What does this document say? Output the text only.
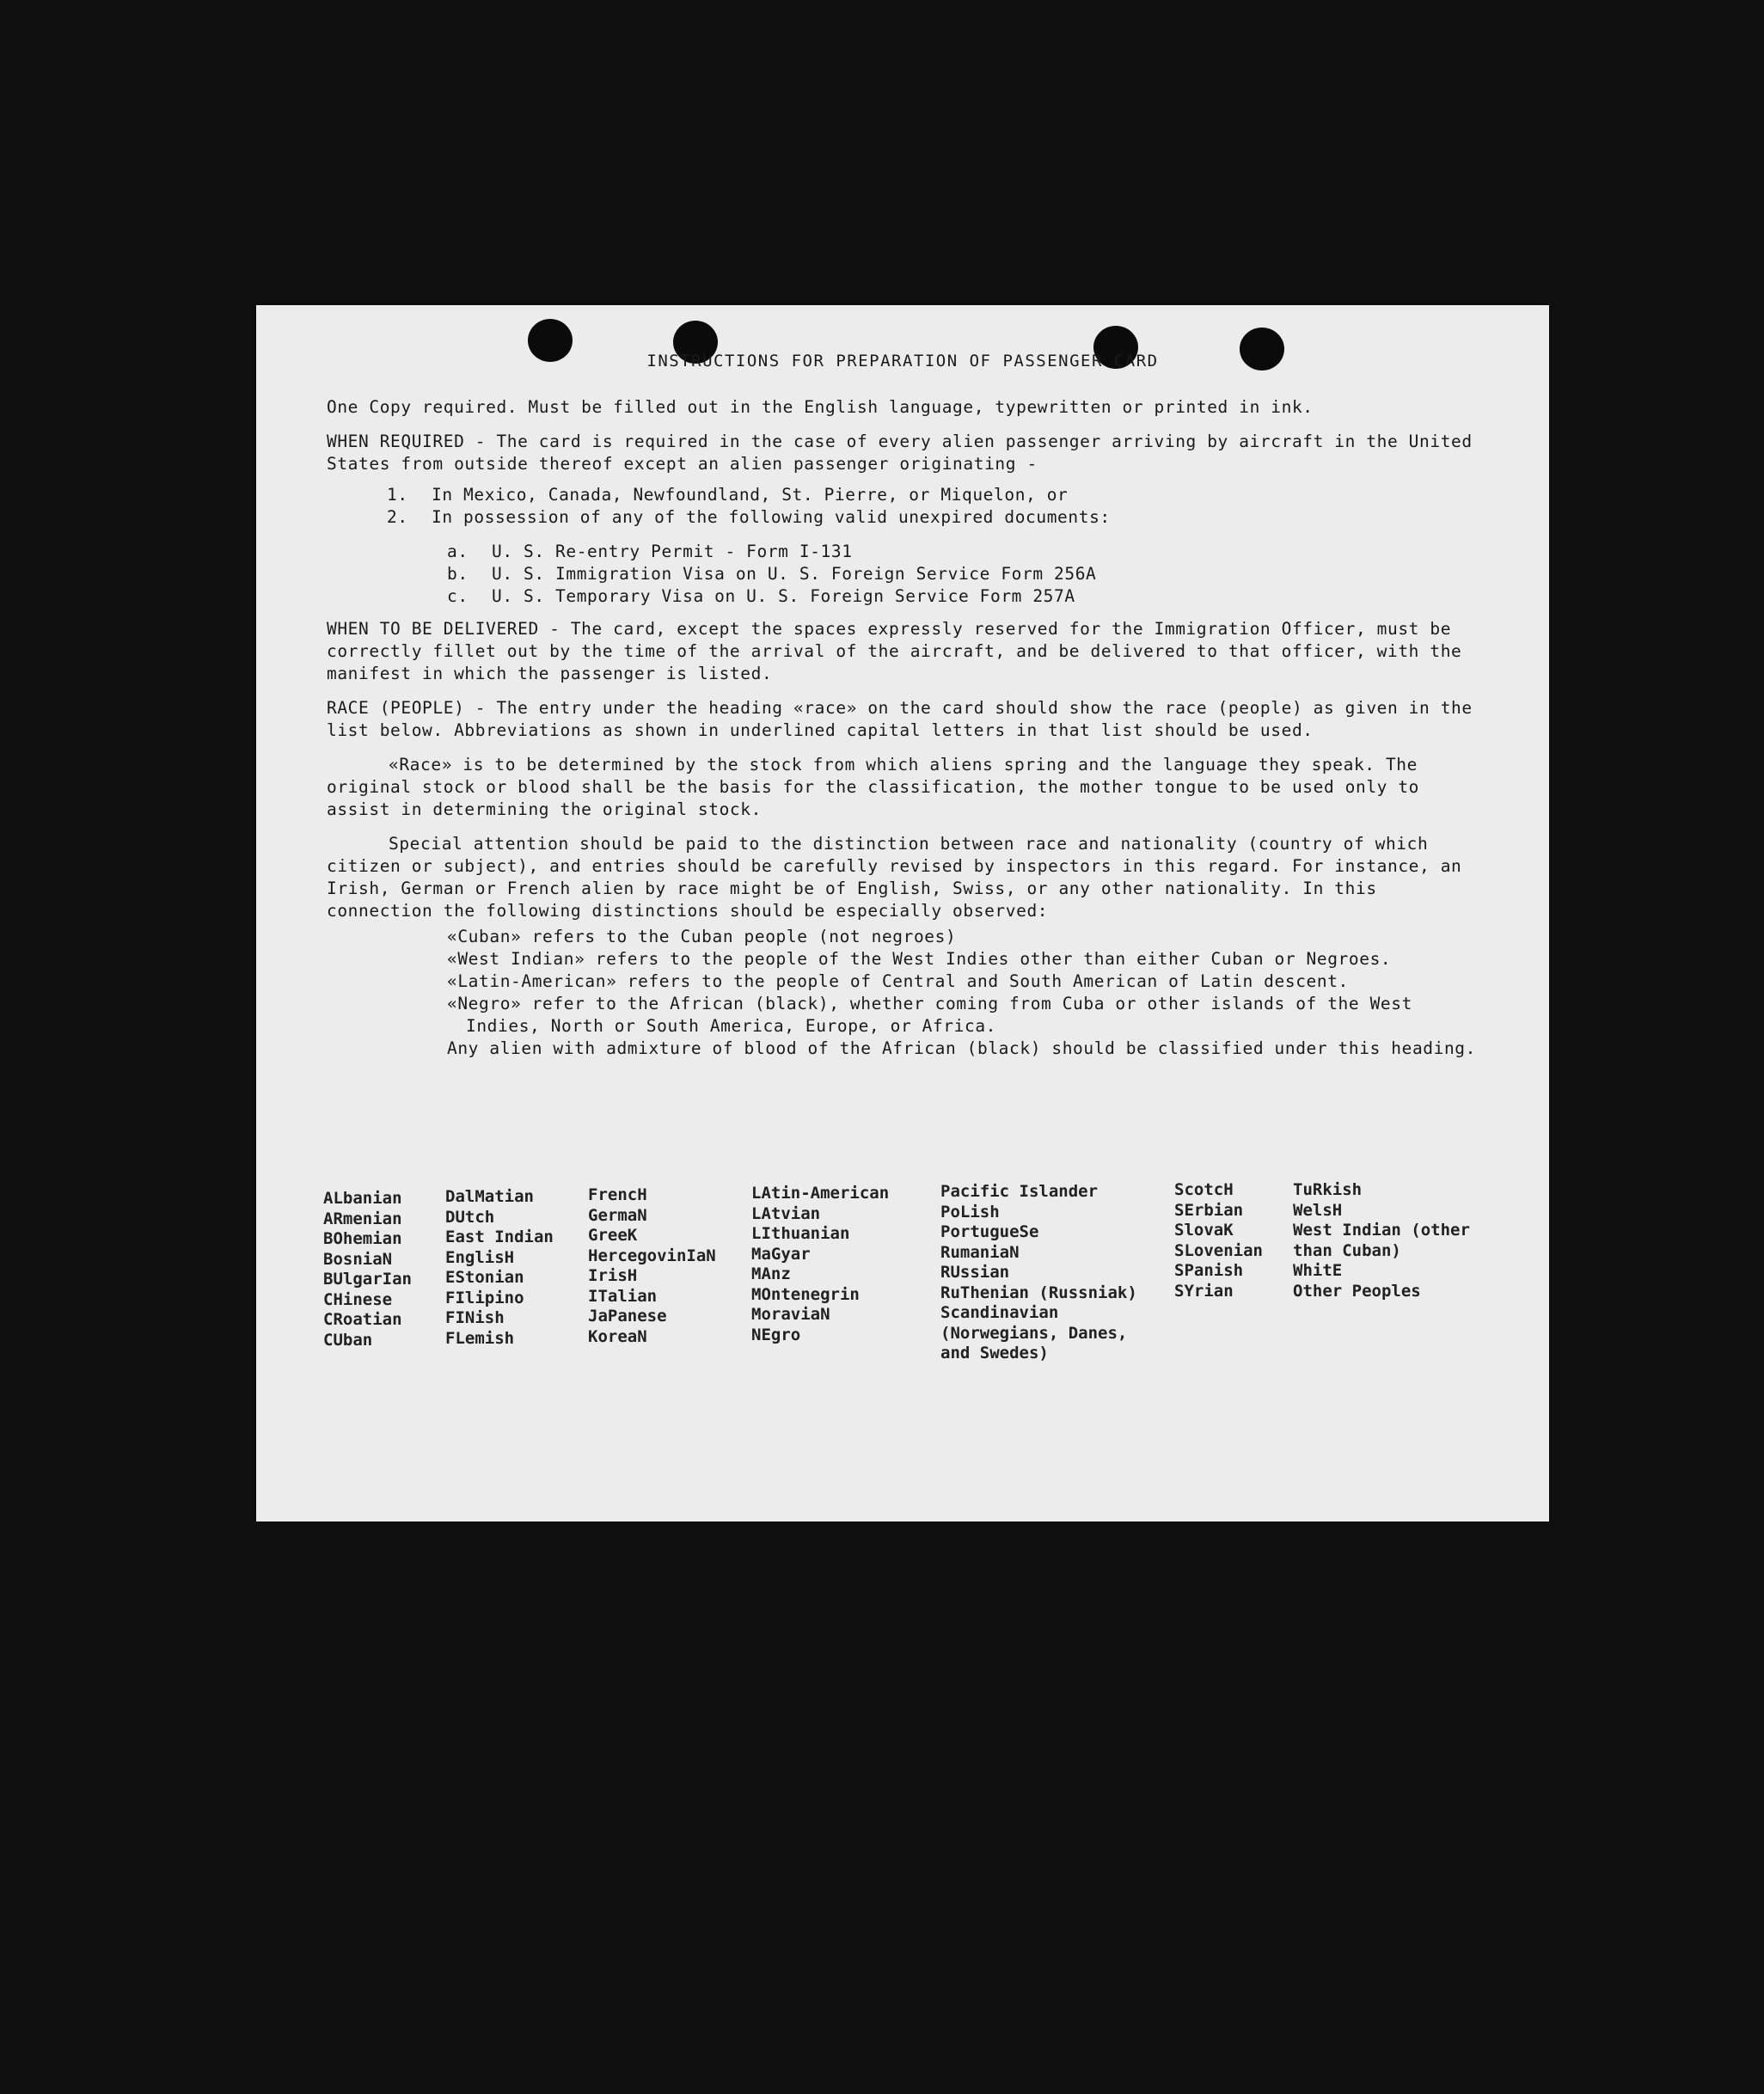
INSTRUCTIONS FOR PREPARATION OF PASSENGER CARD

One Copy required. Must be filled out in the English language, typewritten or printed in ink.

WHEN REQUIRED - The card is required in the case of every alien passenger arriving by aircraft in the United States from outside thereof except an alien passenger originating -

1. In Mexico, Canada, Newfoundland, St. Pierre, or Miquelon, or
2. In possession of any of the following valid unexpired documents:
a. U. S. Re-entry Permit - Form I-131
b. U. S. Immigration Visa on U. S. Foreign Service Form 256A
c. U. S. Temporary Visa on U. S. Foreign Service Form 257A

WHEN TO BE DELIVERED - The card, except the spaces expressly reserved for the Immigration Officer, must be correctly fillet out by the time of the arrival of the aircraft, and be delivered to that officer, with the manifest in which the passenger is listed.

RACE (PEOPLE) - The entry under the heading «race» on the card should show the race (people) as given in the list below. Abbreviations as shown in underlined capital letters in that list should be used.

«Race» is to be determined by the stock from which aliens spring and the language they speak. The original stock or blood shall be the basis for the classification, the mother tongue to be used only to assist in determining the original stock.

Special attention should be paid to the distinction between race and nationality (country of which citizen or subject), and entries should be carefully revised by inspectors in this regard. For instance, an Irish, German or French alien by race might be of English, Swiss, or any other nationality. In this connection the following distinctions should be especially observed:

«Cuban» refers to the Cuban people (not negroes)
«West Indian» refers to the people of the West Indies other than either Cuban or Negroes.
«Latin-American» refers to the people of Central and South American of Latin descent.
«Negro» refer to the African (black), whether coming from Cuba or other islands of the West Indies, North or South America, Europe, or Africa.
Any alien with admixture of blood of the African (black) should be classified under this heading.
ALbanian
ARmenian
BOhemian
BosniaN
BUlgarIan
CHinese
CRoatian
CUban
DalMatian
DUtch
East Indian
EnglisH
EStonian
FIlipino
FINish
FLemish
FrencH
GermaN
GreeK
HercegovinIaN
IrisH
ITalian
JaPanese
KoreaN
LAtin-American
LAtvian
LIthuanian
MaGyar
MAnz
MOntenegrin
MoraviaN
NEgro
Pacific Islander
PoLish
PortugueSe
RumaniaN
RUssian
RuThenian (Russniak)
Scandinavian (Norwegians, Danes, and Swedes)
ScotcH
SErbian
SlovaK
SLovenian
SPanish
SYrian
TuRkish
WelsH
West Indian (other than Cuban)
WhitE
Other Peoples
